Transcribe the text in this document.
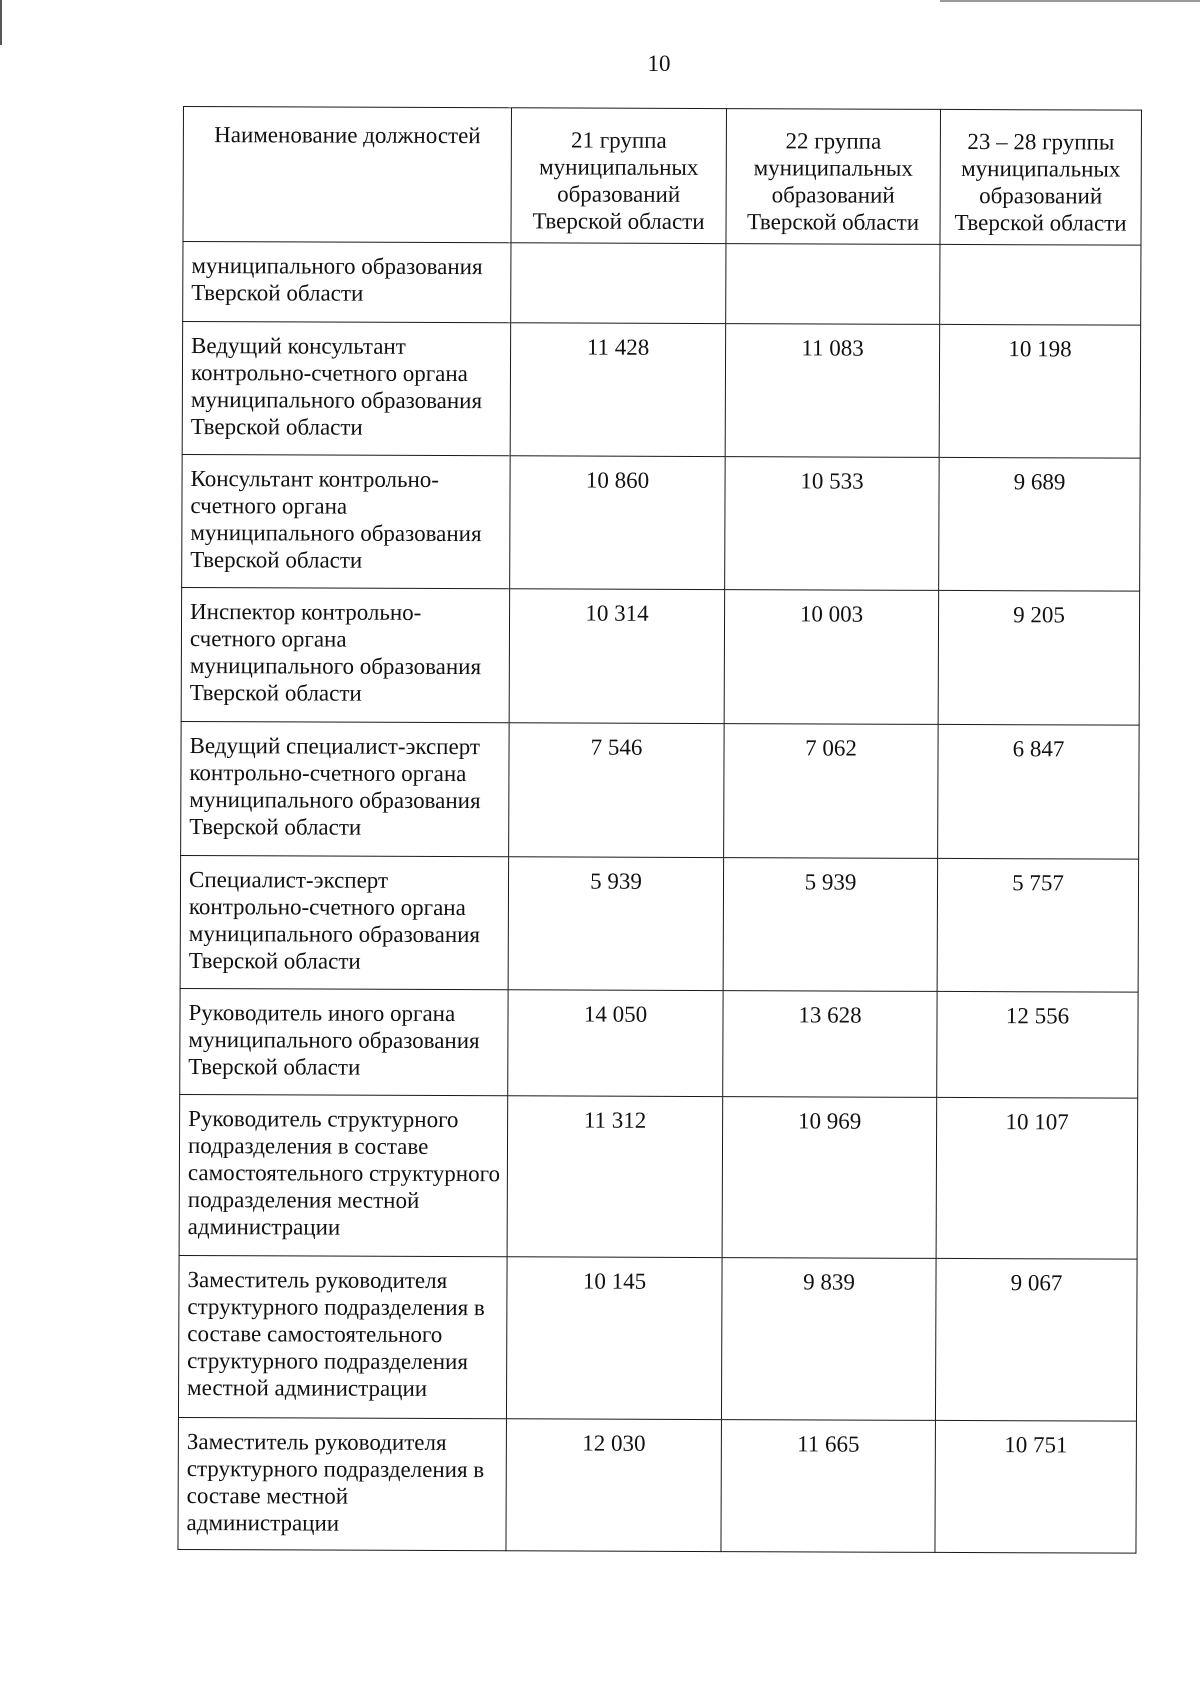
10
Наименование должностей	21 группа муниципальных образований Тверской области	22 группа муниципальных образований Тверской области	23 – 28 группы муниципальных образований Тверской области
муниципального образования Тверской области			
Ведущий консультант контрольно-счетного органа муниципального образования Тверской области	11 428	11 083	10 198
Консультант контрольно-счетного органа муниципального образования Тверской области	10 860	10 533	9 689
Инспектор контрольно-счетного органа муниципального образования Тверской области	10 314	10 003	9 205
Ведущий специалист-эксперт контрольно-счетного органа муниципального образования Тверской области	7 546	7 062	6 847
Специалист-эксперт контрольно-счетного органа муниципального образования Тверской области	5 939	5 939	5 757
Руководитель иного органа муниципального образования Тверской области	14 050	13 628	12 556
Руководитель структурного подразделения в составе самостоятельного структурного подразделения местной администрации	11 312	10 969	10 107
Заместитель руководителя структурного подразделения в составе самостоятельного структурного подразделения местной администрации	10 145	9 839	9 067
Заместитель руководителя структурного подразделения в составе местной администрации	12 030	11 665	10 751
